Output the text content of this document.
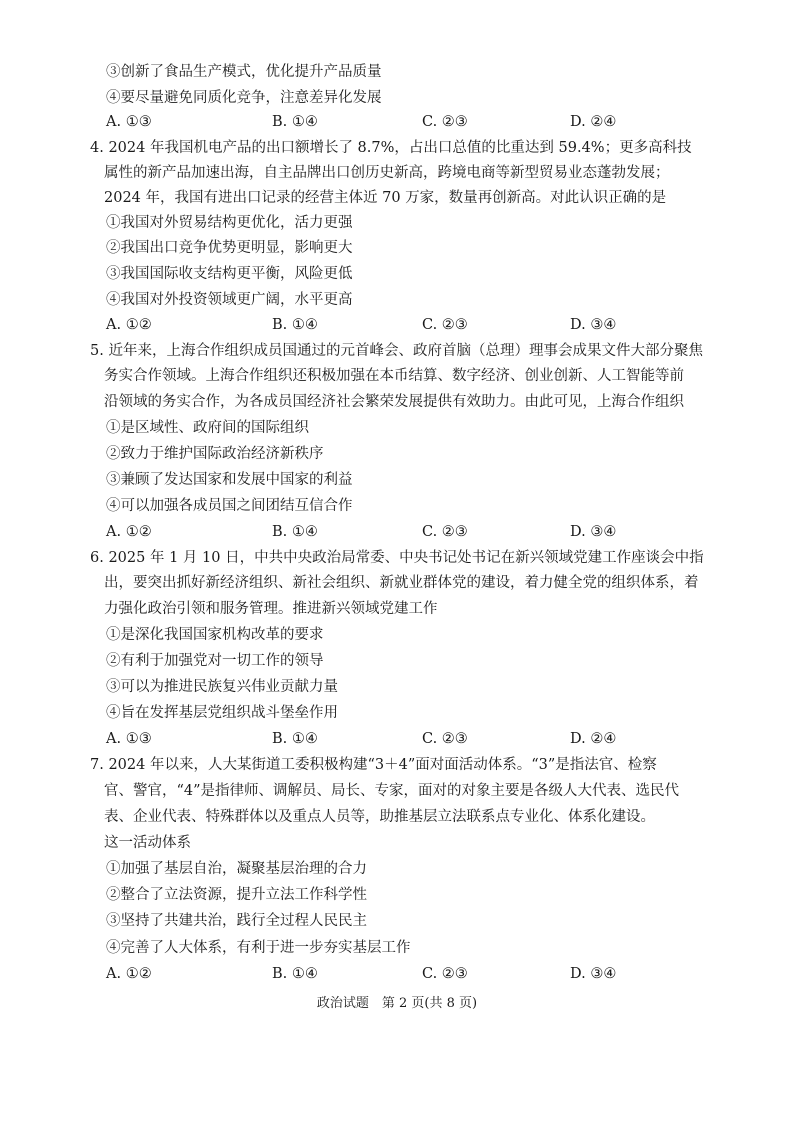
③创新了食品生产模式，优化提升产品质量
④要尽量避免同质化竞争，注意差异化发展
A. ①③	B. ①④	C. ②③	D. ②④
4. 2024 年我国机电产品的出口额增长了 8.7%，占出口总值的比重达到 59.4%；更多高科技
属性的新产品加速出海，自主品牌出口创历史新高，跨境电商等新型贸易业态蓬勃发展；
2024 年，我国有进出口记录的经营主体近 70 万家，数量再创新高。对此认识正确的是
①我国对外贸易结构更优化，活力更强
②我国出口竞争优势更明显，影响更大
③我国国际收支结构更平衡，风险更低
④我国对外投资领域更广阔，水平更高
A. ①②	B. ①④	C. ②③	D. ③④
5. 近年来，上海合作组织成员国通过的元首峰会、政府首脑（总理）理事会成果文件大部分聚焦
务实合作领域。上海合作组织还积极加强在本币结算、数字经济、创业创新、人工智能等前
沿领域的务实合作，为各成员国经济社会繁荣发展提供有效助力。由此可见，上海合作组织
①是区域性、政府间的国际组织
②致力于维护国际政治经济新秩序
③兼顾了发达国家和发展中国家的利益
④可以加强各成员国之间团结互信合作
A. ①②	B. ①④	C. ②③	D. ③④
6. 2025 年 1 月 10 日，中共中央政治局常委、中央书记处书记在新兴领域党建工作座谈会中指
出，要突出抓好新经济组织、新社会组织、新就业群体党的建设，着力健全党的组织体系，着
力强化政治引领和服务管理。推进新兴领域党建工作
①是深化我国国家机构改革的要求
②有利于加强党对一切工作的领导
③可以为推进民族复兴伟业贡献力量
④旨在发挥基层党组织战斗堡垒作用
A. ①③	B. ①④	C. ②③	D. ②④
7. 2024 年以来，人大某街道工委积极构建“3＋4”面对面活动体系。“3”是指法官、检察
官、警官，“4”是指律师、调解员、局长、专家，面对的对象主要是各级人大代表、选民代
表、企业代表、特殊群体以及重点人员等，助推基层立法联系点专业化、体系化建设。
这一活动体系
①加强了基层自治，凝聚基层治理的合力
②整合了立法资源，提升立法工作科学性
③坚持了共建共治，践行全过程人民民主
④完善了人大体系，有利于进一步夯实基层工作
A. ①②	B. ①④	C. ②③	D. ③④
政治试题　第 2 页(共 8 页)
